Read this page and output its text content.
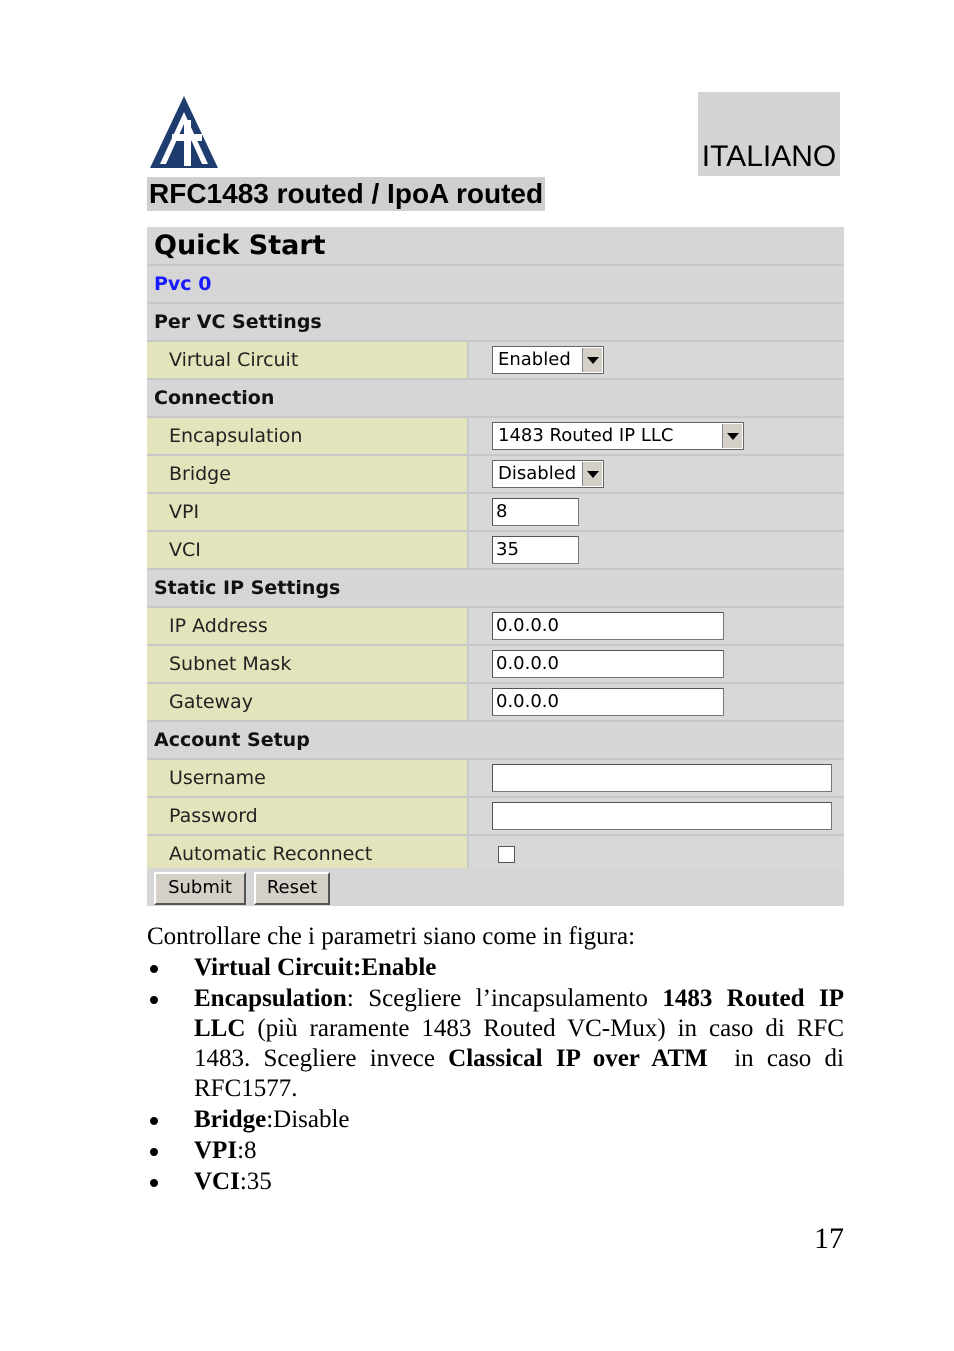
ITALIANO
RFC1483 routed / IpoA routed
Quick Start
Pvc 0
Per VC Settings
Virtual Circuit	Enabled
Connection
Encapsulation	1483 Routed IP LLC
Bridge	Disabled
VPI	8
VCI	35
Static IP Settings
IP Address	0.0.0.0
Subnet Mask	0.0.0.0
Gateway	0.0.0.0
Account Setup
Username
Password
Automatic Reconnect
Submit	Reset

Controllare che i parametri siano come in figura:

Virtual Circuit:Enable
Encapsulation: Scegliere l’incapsulamento 1483 Routed IP LLC (più raramente 1483 Routed VC-Mux) in caso di RFC 1483. Scegliere invece Classical IP over ATM  in caso di RFC1577.
Bridge:Disable
VPI:8
VCI:35
17
